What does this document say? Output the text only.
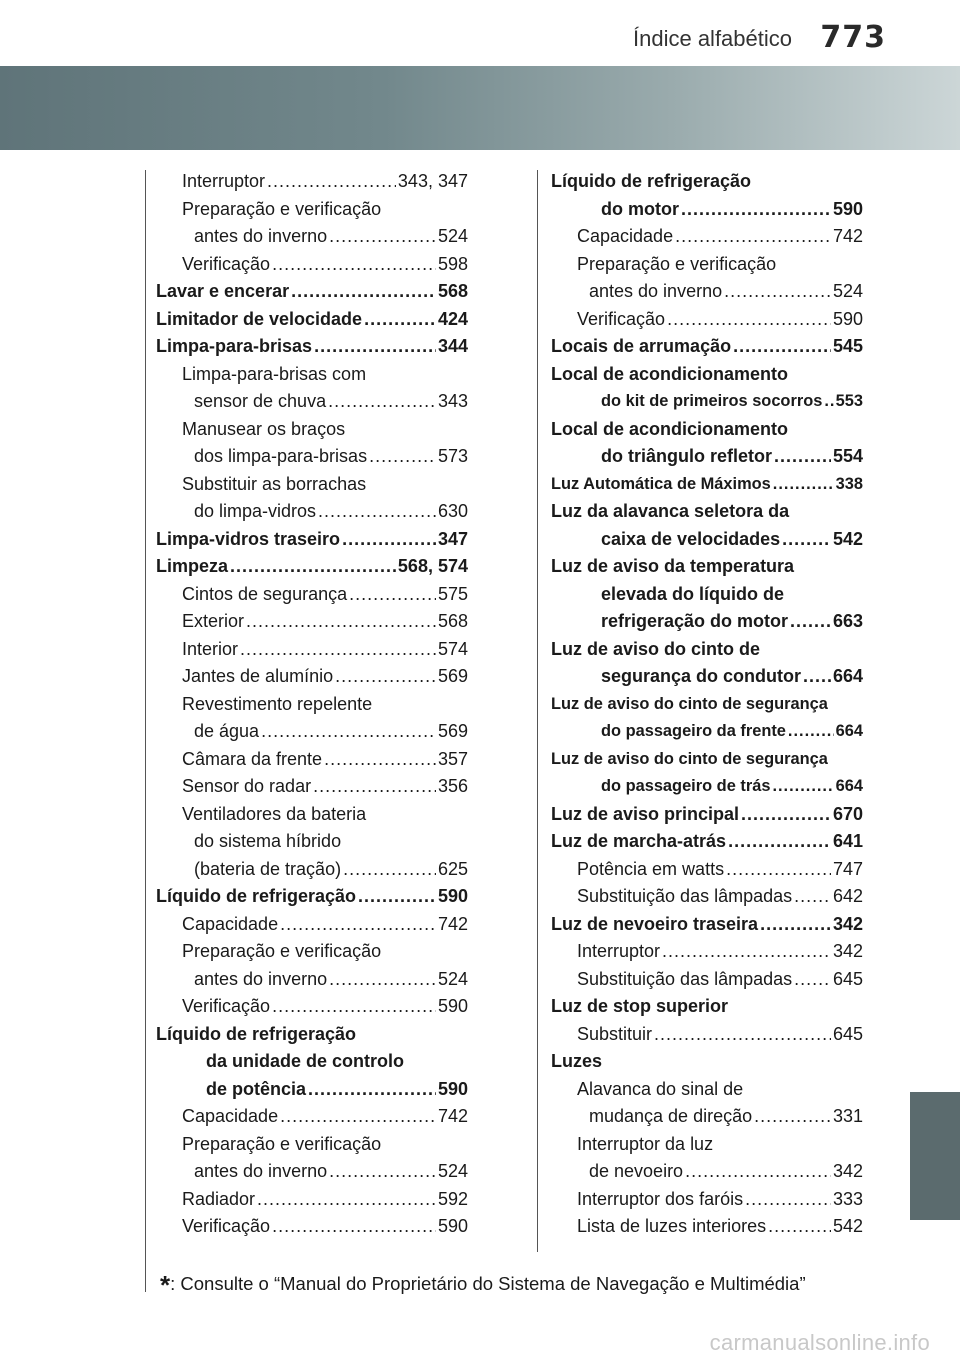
Índice alfabético 773
Interruptor .....	343, 347
Preparação e verificação
antes do inverno .....	524
Verificação .....	598
Lavar e encerar .....	568
Limitador de velocidade .....	424
Limpa-para-brisas .....	344
Limpa-para-brisas com
sensor de chuva .....	343
Manusear os braços
dos limpa-para-brisas .....	573
Substituir as borrachas
do limpa-vidros .....	630
Limpa-vidros traseiro .....	347
Limpeza .....	568, 574
Cintos de segurança .....	575
Exterior .....	568
Interior .....	574
Jantes de alumínio .....	569
Revestimento repelente
de água .....	569
Câmara da frente .....	357
Sensor do radar .....	356
Ventiladores da bateria
do sistema híbrido
(bateria de tração) .....	625
Líquido de refrigeração .....	590
Capacidade .....	742
Preparação e verificação
antes do inverno .....	524
Verificação .....	590
Líquido de refrigeração
da unidade de controlo
de potência .....	590
Capacidade .....	742
Preparação e verificação
antes do inverno .....	524
Radiador .....	592
Verificação .....	590
Líquido de refrigeração
do motor .....	590
Capacidade .....	742
Preparação e verificação
antes do inverno .....	524
Verificação .....	590
Locais de arrumação .....	545
Local de acondicionamento
do kit de primeiros socorros ..... 553
Local de acondicionamento
do triângulo refletor .....	554
Luz Automática de Máximos .....	338
Luz da alavanca seletora da
caixa de velocidades .....	542
Luz de aviso da temperatura
elevada do líquido de
refrigeração do motor ..... 663
Luz de aviso do cinto de
segurança do condutor ..... 664
Luz de aviso do cinto de segurança
do passageiro da frente .....	664
Luz de aviso do cinto de segurança
do passageiro de trás .....	664
Luz de aviso principal .....	670
Luz de marcha-atrás .....	641
Potência em watts .....	747
Substituição das lâmpadas ..... 642
Luz de nevoeiro traseira .....	342
Interruptor .....	342
Substituição das lâmpadas ..... 645
Luz de stop superior
Substituir .....	645
Luzes
Alavanca do sinal de
mudança de direção .....	331
Interruptor da luz
de nevoeiro .....	342
Interruptor dos faróis .....	333
Lista de luzes interiores .....	542
*: Consulte o “Manual do Proprietário do Sistema de Navegação e Multimédia”
carmanualsonline.info
